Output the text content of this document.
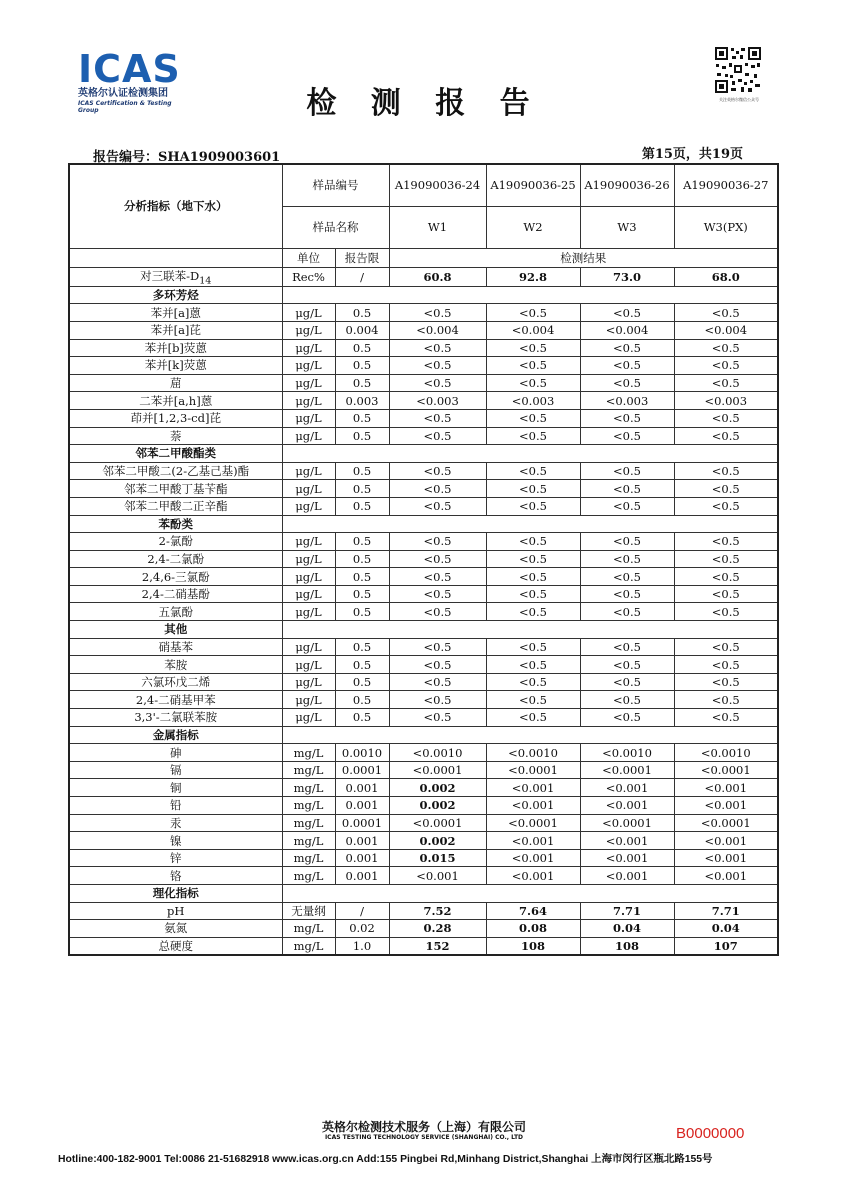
ICAS
英格尔认证检测集团
ICAS Certification & Testing Group	检 测 报 告	关注英格尔微信公众号
报告编号：SHA1909003601	第15页，共19页
分析指标（地下水）	样品编号		A19090036-24	A19090036-25	A19090036-26	A19090036-27
	样品名称		W1	W2	W3	W3(PX)
	单位	报告限	检测结果			
对三联苯$-D_{14}$	Rec%	/	60.8	92.8	73.0	68.0
多环芳烃						
苯并[a]蒽	μg/L	0.5	<0.5	<0.5	<0.5	<0.5
苯并[a]芘	μg/L	0.004	<0.004	<0.004	<0.004	<0.004
苯并[b]荧蒽	μg/L	0.5	<0.5	<0.5	<0.5	<0.5
苯并[k]荧蒽	μg/L	0.5	<0.5	<0.5	<0.5	<0.5
䓛	μg/L	0.5	<0.5	<0.5	<0.5	<0.5
二苯并[a,h]蒽	μg/L	0.003	<0.003	<0.003	<0.003	<0.003
茚并[1,2,3-cd]芘	μg/L	0.5	<0.5	<0.5	<0.5	<0.5
萘	μg/L	0.5	<0.5	<0.5	<0.5	<0.5
邻苯二甲酸酯类						
邻苯二甲酸二(2-乙基己基)酯	μg/L	0.5	<0.5	<0.5	<0.5	<0.5
邻苯二甲酸丁基苄酯	μg/L	0.5	<0.5	<0.5	<0.5	<0.5
邻苯二甲酸二正辛酯	μg/L	0.5	<0.5	<0.5	<0.5	<0.5
苯酚类						
2-氯酚	μg/L	0.5	<0.5	<0.5	<0.5	<0.5
2,4-二氯酚	μg/L	0.5	<0.5	<0.5	<0.5	<0.5
2,4,6-三氯酚	μg/L	0.5	<0.5	<0.5	<0.5	<0.5
2,4-二硝基酚	μg/L	0.5	<0.5	<0.5	<0.5	<0.5
五氯酚	μg/L	0.5	<0.5	<0.5	<0.5	<0.5
其他						
硝基苯	μg/L	0.5	<0.5	<0.5	<0.5	<0.5
苯胺	μg/L	0.5	<0.5	<0.5	<0.5	<0.5
六氯环戊二烯	μg/L	0.5	<0.5	<0.5	<0.5	<0.5
2,4-二硝基甲苯	μg/L	0.5	<0.5	<0.5	<0.5	<0.5
3,3'-二氯联苯胺	μg/L	0.5	<0.5	<0.5	<0.5	<0.5
金属指标						
砷	mg/L	0.0010	<0.0010	<0.0010	<0.0010	<0.0010
镉	mg/L	0.0001	<0.0001	<0.0001	<0.0001	<0.0001
铜	mg/L	0.001	0.002	<0.001	<0.001	<0.001
铅	mg/L	0.001	0.002	<0.001	<0.001	<0.001
汞	mg/L	0.0001	<0.0001	<0.0001	<0.0001	<0.0001
镍	mg/L	0.001	0.002	<0.001	<0.001	<0.001
锌	mg/L	0.001	0.015	<0.001	<0.001	<0.001
铬	mg/L	0.001	<0.001	<0.001	<0.001	<0.001
理化指标						
pH	无量纲	/	7.52	7.64	7.71	7.71
氨氮	mg/L	0.02	0.28	0.08	0.04	0.04
总硬度	mg/L	1.0	152	108	108	107
英格尔检测技术服务（上海）有限公司
ICAS TESTING TECHNOLOGY SERVICE (SHANGHAI) CO., LTD	B0000000
Hotline:400-182-9001 Tel:0086 21-51682918 www.icas.org.cn Add:155 Pingbei Rd,Minhang District,Shanghai 上海市闵行区瓶北路155号
